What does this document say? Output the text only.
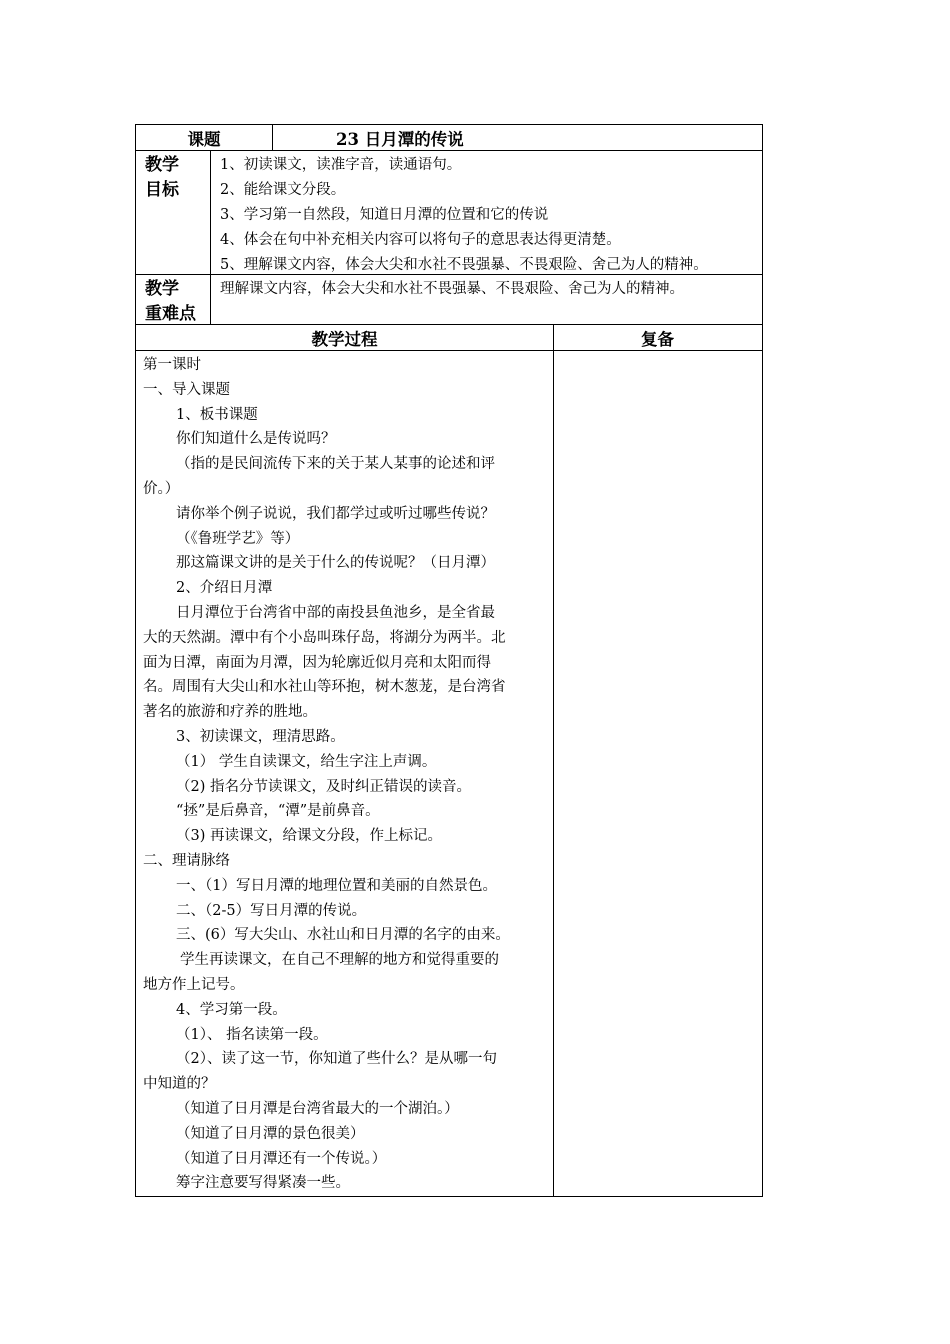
课题	23 日月潭的传说
教学
目标
1、初读课文，读准字音，读通语句。
2、能给课文分段。
3、学习第一自然段，知道日月潭的位置和它的传说
4、体会在句中补充相关内容可以将句子的意思表达得更清楚。
5、理解课文内容，体会大尖和水社不畏强暴、不畏艰险、舍己为人的精神。
教学
重难点
理解课文内容，体会大尖和水社不畏强暴、不畏艰险、舍己为人的精神。
教学过程	复备
第一课时
一、导入课题
1、板书课题
你们知道什么是传说吗？
（指的是民间流传下来的关于某人某事的论述和评
价。）
请你举个例子说说，我们都学过或听过哪些传说？
（《鲁班学艺》等）
那这篇课文讲的是关于什么的传说呢？（日月潭）
2、介绍日月潭
日月潭位于台湾省中部的南投县鱼池乡，是全省最
大的天然湖。潭中有个小岛叫珠仔岛，将湖分为两半。北
面为日潭，南面为月潭，因为轮廓近似月亮和太阳而得
名。周围有大尖山和水社山等环抱，树木葱茏，是台湾省
著名的旅游和疗养的胜地。
3、初读课文，理清思路。
（1） 学生自读课文，给生字注上声调。
（2) 指名分节读课文，及时纠正错误的读音。
“拯”是后鼻音，“潭”是前鼻音。
（3) 再读课文，给课文分段，作上标记。
二、理请脉络
一、（1）写日月潭的地理位置和美丽的自然景色。
二、（2-5）写日月潭的传说。
三、(6）写大尖山、水社山和日月潭的名字的由来。
学生再读课文，在自己不理解的地方和觉得重要的
地方作上记号。
4、学习第一段。
（1）、 指名读第一段。
（2）、读了这一节，你知道了些什么？是从哪一句
中知道的？
（知道了日月潭是台湾省最大的一个湖泊。）
（知道了日月潭的景色很美）
（知道了日月潭还有一个传说。）
筹字注意要写得紧凑一些。
